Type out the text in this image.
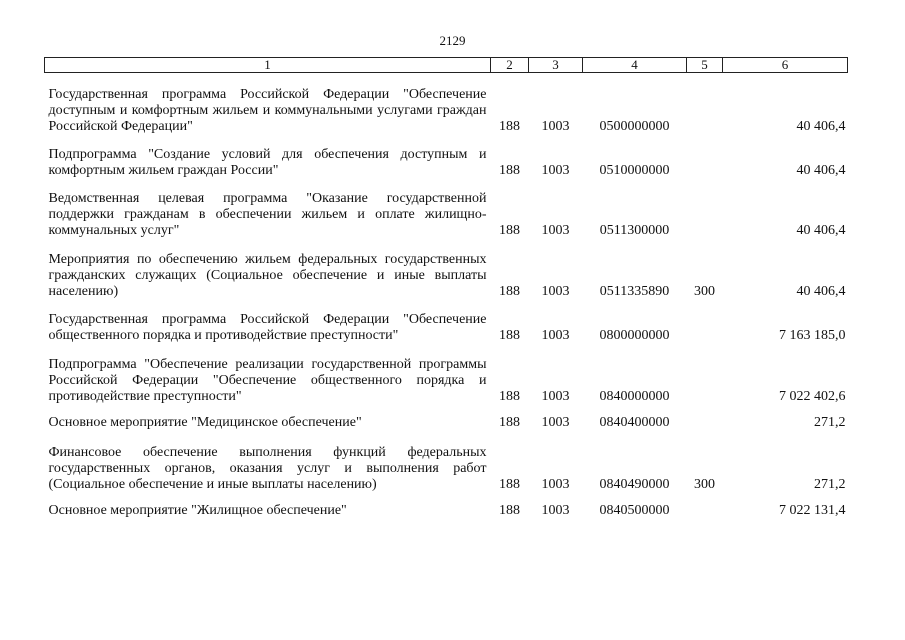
2129
1	2	3	4	5	6
Государственная программа Российской Федерации "Обеспечение доступным и комфортным жильем и коммунальными услугами граждан Российской Федерации"	188	1003	0500000000		40 406,4
Подпрограмма "Создание условий для обеспечения доступным и комфортным жильем граждан России"	188	1003	0510000000		40 406,4
Ведомственная целевая программа "Оказание государственной поддержки гражданам в обеспечении жильем и оплате жилищно-коммунальных услуг"	188	1003	0511300000		40 406,4
Мероприятия по обеспечению жильем федеральных государственных гражданских служащих (Социальное обеспечение и иные выплаты населению)	188	1003	0511335890	300	40 406,4
Государственная программа Российской Федерации "Обеспечение общественного порядка и противодействие преступности"	188	1003	0800000000		7 163 185,0
Подпрограмма "Обеспечение реализации государственной программы Российской Федерации "Обеспечение общественного порядка и противодействие преступности"	188	1003	0840000000		7 022 402,6
Основное мероприятие "Медицинское обеспечение"	188	1003	0840400000		271,2
Финансовое обеспечение выполнения функций федеральных государственных органов, оказания услуг и выполнения работ (Социальное обеспечение и иные выплаты населению)	188	1003	0840490000	300	271,2
Основное мероприятие "Жилищное обеспечение"	188	1003	0840500000		7 022 131,4
